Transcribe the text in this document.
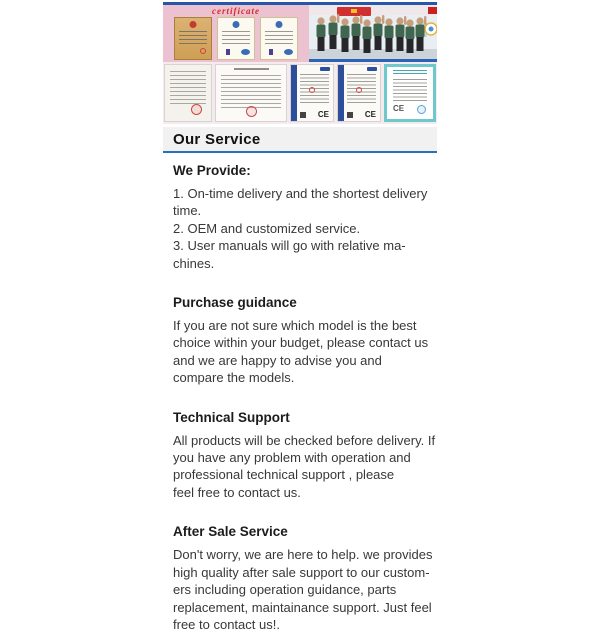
certificate
CE	CE
CE
Our Service
We Provide:
1. On-time delivery and the shortest delivery
time.
2. OEM and customized service.
3. User manuals will go with relative ma-
chines.
Purchase guidance
If you are not sure which model is the best
choice within your budget, please contact us
and we are happy to advise you and
compare the models.
Technical Support
All products will be checked before delivery. If
you have any problem with operation and
professional technical support , please
feel free to contact us.
After Sale Service
Don't worry, we are here to help. we provides
high quality after sale support to our custom-
ers including operation guidance, parts
replacement, maintainance support. Just feel
free to contact us!.
